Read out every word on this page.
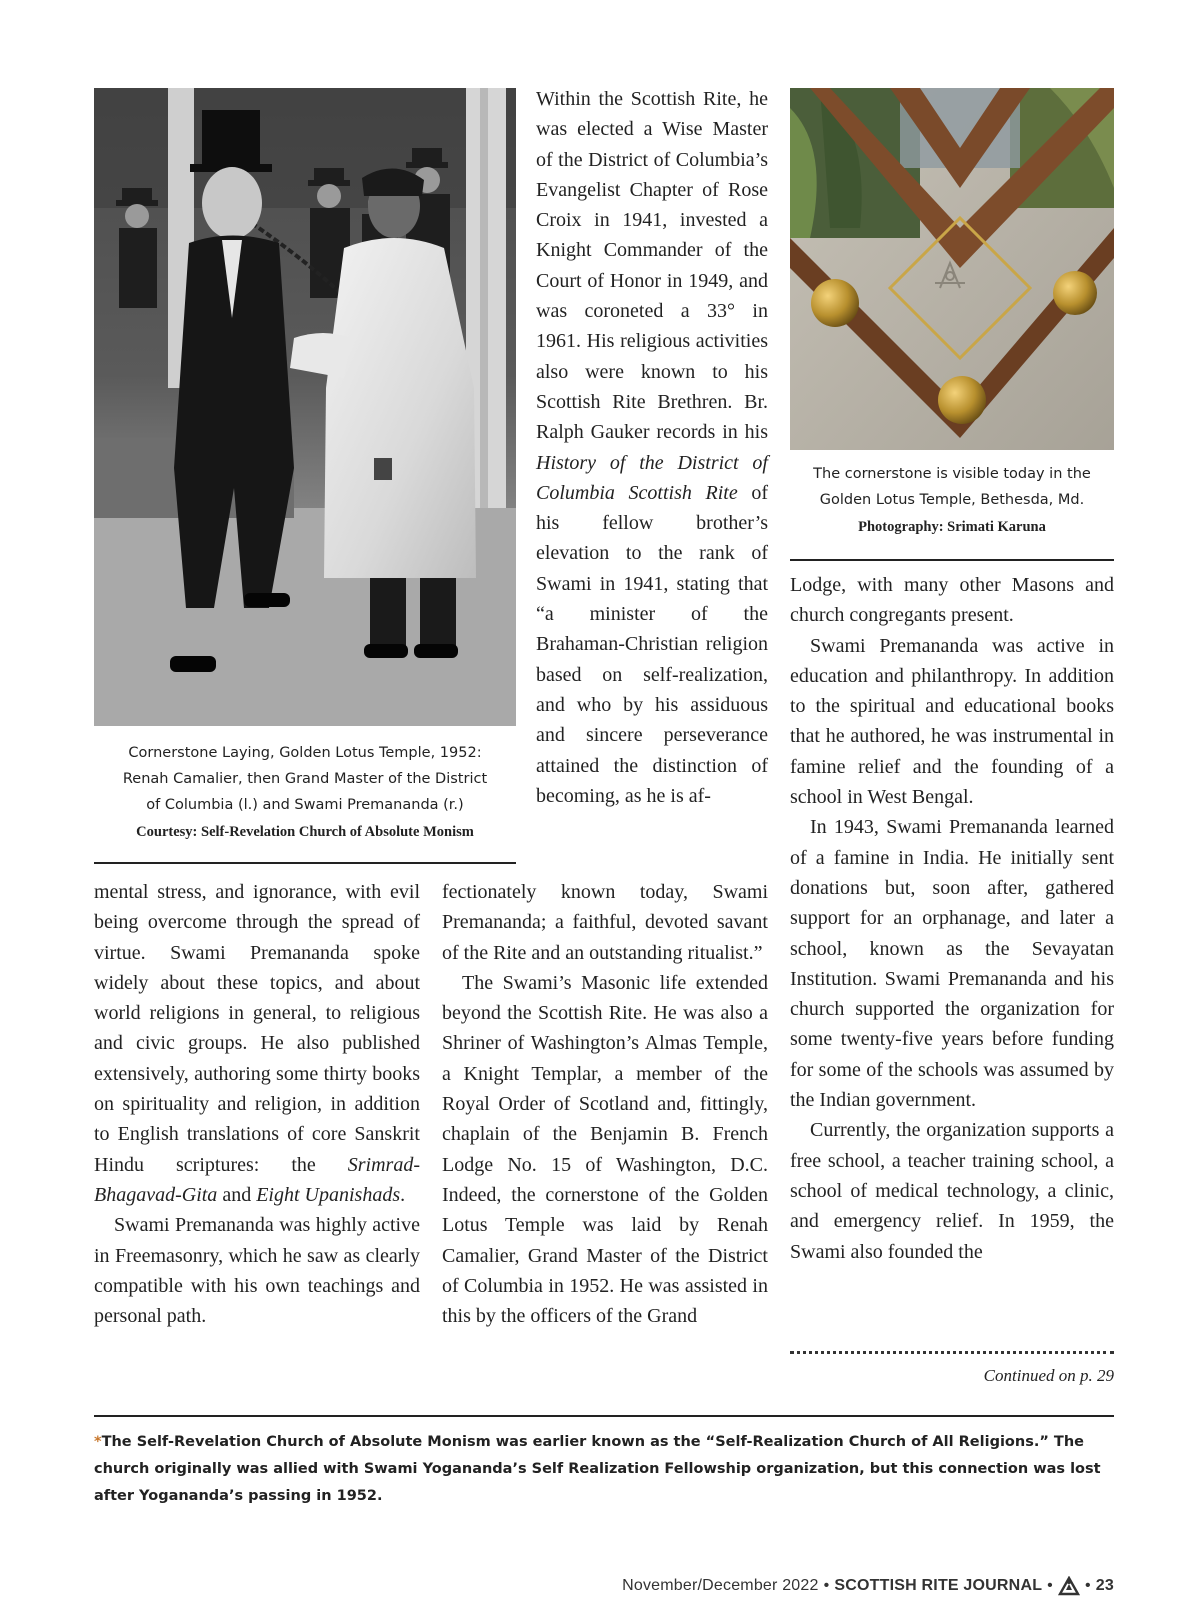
Cornerstone Laying, Golden Lotus Temple, 1952:

Renah Camalier, then Grand Master of the District

of Columbia (l.) and Swami Premananda (r.)

Courtesy: Self-Revelation Church of Absolute Monism

The cornerstone is visible today in the

Golden Lotus Temple, Bethesda, Md.

Photography: Srimati Karuna

Within the Scottish Rite, he was elected a Wise Master of the District of Columbia’s Evangelist Chapter of Rose Croix in 1941, invested a Knight Commander of the Court of Honor in 1949, and was coroneted a 33° in 1961. His religious activities also were known to his Scottish Rite Brethren. Br. Ralph Gauker records in his History of the District of Columbia Scottish Rite of his fellow brother’s elevation to the rank of Swami in 1941, stating that “a minister of the Brahaman-Christian religion based on self-realization, and who by his assiduous and sincere perseverance attained the distinction of becoming, as he is af-

mental stress, and ignorance, with evil being overcome through the spread of virtue. Swami Premananda spoke widely about these topics, and about world religions in general, to religious and civic groups. He also published extensively, authoring some thirty books on spirituality and religion, in addition to English translations of core Sanskrit Hindu scriptures: the Srimrad-Bhagavad-Gita and Eight Upanishads.

Swami Premananda was highly active in Freemasonry, which he saw as clearly compatible with his own teachings and personal path.

fectionately known today, Swami Premananda; a faithful, devoted savant of the Rite and an outstanding ritualist.”

The Swami’s Masonic life extended beyond the Scottish Rite. He was also a Shriner of Washington’s Almas Temple, a Knight Templar, a member of the Royal Order of Scotland and, fittingly, chaplain of the Benjamin B. French Lodge No. 15 of Washington, D.C. Indeed, the cornerstone of the Golden Lotus Temple was laid by Renah Camalier, Grand Master of the District of Columbia in 1952. He was assisted in this by the officers of the Grand

Lodge, with many other Masons and church congregants present.

Swami Premananda was active in education and philanthropy. In addition to the spiritual and educational books that he authored, he was instrumental in famine relief and the founding of a school in West Bengal.

In 1943, Swami Premananda learned of a famine in India. He initially sent donations but, soon after, gathered support for an orphanage, and later a school, known as the Sevayatan Institution. Swami Premananda and his church supported the organization for some twenty-five years before funding for some of the schools was assumed by the Indian government.

Currently, the organization supports a free school, a teacher training school, a school of medical technology, a clinic, and emergency relief. In 1959, the Swami also founded the

Continued on p. 29
*The Self-Revelation Church of Absolute Monism was earlier known as the “Self-Realization Church of All Religions.” The church originally was allied with Swami Yogananda’s Self Realization Fellowship organization, but this connection was lost after Yogananda’s passing in 1952.
November/December 2022 • SCOTTISH RITE JOURNAL • • 23
